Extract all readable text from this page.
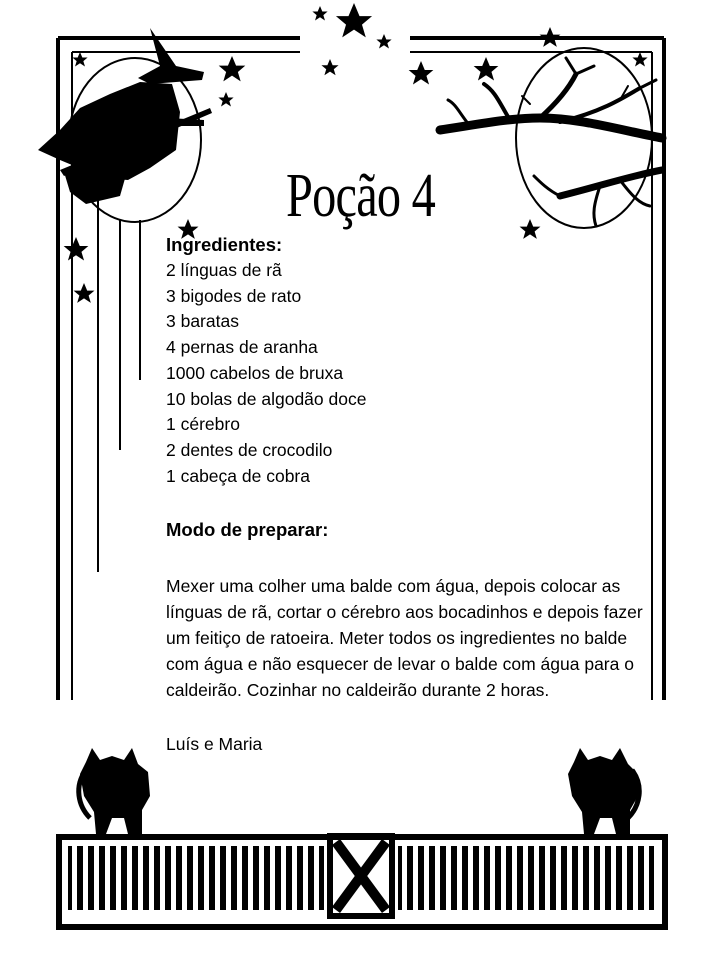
Poção 4

Ingredientes:

2 línguas de rã
3 bigodes de rato
3 baratas
4 pernas de aranha
1000 cabelos de bruxa
10 bolas de algodão doce
1 cérebro
2 dentes de crocodilo
1 cabeça de cobra

Modo de preparar:

Mexer uma colher uma balde com água, depois colocar as línguas de rã, cortar o cérebro aos bocadinhos e depois fazer um feitiço de ratoeira. Meter todos os ingredientes no balde com água e não esquecer de levar o balde com água para o caldeirão. Cozinhar no caldeirão durante 2 horas.

Luís e Maria
